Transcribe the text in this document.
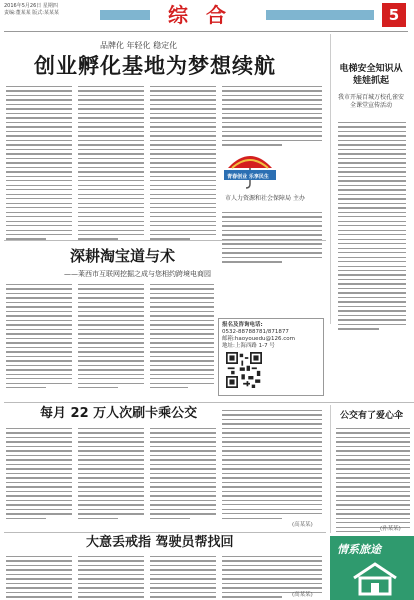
2016年5月26日 星期四
责编:董某某 版式:某某某	综合	5
品牌化 年轻化 稳定化
创业孵化基地为梦想续航
青春创业 乐享民生
市人力资源和社会保障局 主办
电梯安全知识从娃娃抓起
我市开展百城万校孔雀安全课堂宣传活动
深耕淘宝道与术
——莱西市互联网挖掘之成与您相约跨境电商园
报名及咨询电话:
0532-88788781/871877
邮箱:haoyouedu@126.com
地址:上海西路 1-7 号
每月 22 万人次刷卡乘公交
(高某某)
公交有了爱心伞
(孙某某)
大意丢戒指 驾驶员帮找回
(高某某)
情系旅途
